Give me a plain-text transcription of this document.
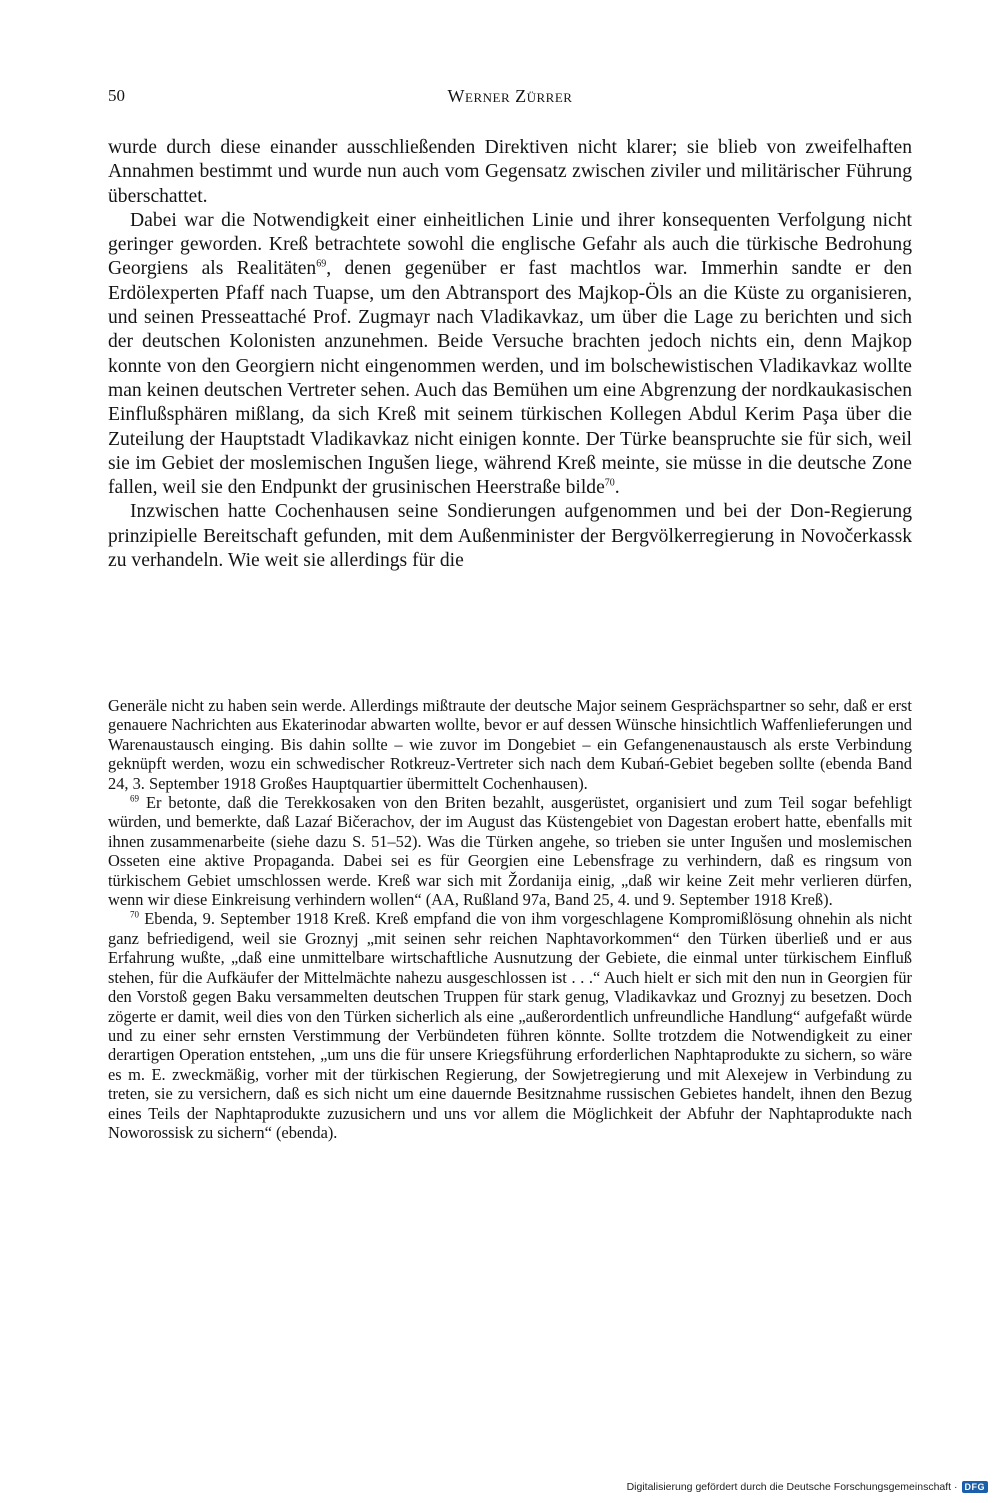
50	Werner Zürrer

wurde durch diese einander ausschließenden Direktiven nicht klarer; sie blieb von zweifelhaften Annahmen bestimmt und wurde nun auch vom Gegensatz zwischen ziviler und militärischer Führung überschattet.

Dabei war die Notwendigkeit einer einheitlichen Linie und ihrer konsequenten Verfolgung nicht geringer geworden. Kreß betrachtete sowohl die englische Gefahr als auch die türkische Bedrohung Georgiens als Realitäten$^{69}$, denen gegenüber er fast machtlos war. Immerhin sandte er den Erdölexperten Pfaff nach Tuapse, um den Abtransport des Majkop-Öls an die Küste zu organisieren, und seinen Presseattaché Prof. Zugmayr nach Vladikavkaz, um über die Lage zu berichten und sich der deutschen Kolonisten anzunehmen. Beide Versuche brachten jedoch nichts ein, denn Majkop konnte von den Georgiern nicht eingenommen werden, und im bolschewistischen Vladikavkaz wollte man keinen deutschen Vertreter sehen. Auch das Bemühen um eine Abgrenzung der nordkaukasischen Einflußsphären mißlang, da sich Kreß mit seinem türkischen Kollegen Abdul Kerim Paşa über die Zuteilung der Hauptstadt Vladikavkaz nicht einigen konnte. Der Türke beanspruchte sie für sich, weil sie im Gebiet der moslemischen Ingušen liege, während Kreß meinte, sie müsse in die deutsche Zone fallen, weil sie den Endpunkt der grusinischen Heerstraße bilde$^{70}$.

Inzwischen hatte Cochenhausen seine Sondierungen aufgenommen und bei der Don-Regierung prinzipielle Bereitschaft gefunden, mit dem Außenminister der Bergvölkerregierung in Novočerkassk zu verhandeln. Wie weit sie allerdings für die

Generäle nicht zu haben sein werde. Allerdings mißtraute der deutsche Major seinem Gesprächspartner so sehr, daß er erst genauere Nachrichten aus Ekaterinodar abwarten wollte, bevor er auf dessen Wünsche hinsichtlich Waffenlieferungen und Warenaustausch einging. Bis dahin sollte – wie zuvor im Dongebiet – ein Gefangenenaustausch als erste Verbindung geknüpft werden, wozu ein schwedischer Rotkreuz-Vertreter sich nach dem Kubań-Gebiet begeben sollte (ebenda Band 24, 3. September 1918 Großes Hauptquartier übermittelt Cochenhausen).

$^{69}$ Er betonte, daß die Terekkosaken von den Briten bezahlt, ausgerüstet, organisiert und zum Teil sogar befehligt würden, und bemerkte, daß Lazaŕ Bičerachov, der im August das Küstengebiet von Dagestan erobert hatte, ebenfalls mit ihnen zusammenarbeite (siehe dazu S. 51–52). Was die Türken angehe, so trieben sie unter Ingušen und moslemischen Osseten eine aktive Propaganda. Dabei sei es für Georgien eine Lebensfrage zu verhindern, daß es ringsum von türkischem Gebiet umschlossen werde. Kreß war sich mit Žordanija einig, „daß wir keine Zeit mehr verlieren dürfen, wenn wir diese Einkreisung verhindern wollen“ (AA, Rußland 97a, Band 25, 4. und 9. September 1918 Kreß).

$^{70}$ Ebenda, 9. September 1918 Kreß. Kreß empfand die von ihm vorgeschlagene Kompromißlösung ohnehin als nicht ganz befriedigend, weil sie Groznyj „mit seinen sehr reichen Naphtavorkommen“ den Türken überließ und er aus Erfahrung wußte, „daß eine unmittelbare wirtschaftliche Ausnutzung der Gebiete, die einmal unter türkischem Einfluß stehen, für die Aufkäufer der Mittelmächte nahezu ausgeschlossen ist . . .“ Auch hielt er sich mit den nun in Georgien für den Vorstoß gegen Baku versammelten deutschen Truppen für stark genug, Vladikavkaz und Groznyj zu besetzen. Doch zögerte er damit, weil dies von den Türken sicherlich als eine „außerordentlich unfreundliche Handlung“ aufgefaßt würde und zu einer sehr ernsten Verstimmung der Verbündeten führen könnte. Sollte trotzdem die Notwendigkeit zu einer derartigen Operation entstehen, „um uns die für unsere Kriegsführung erforderlichen Naphtaprodukte zu sichern, so wäre es m. E. zweckmäßig, vorher mit der türkischen Regierung, der Sowjetregierung und mit Alexejew in Verbindung zu treten, sie zu versichern, daß es sich nicht um eine dauernde Besitznahme russischen Gebietes handelt, ihnen den Bezug eines Teils der Naphtaprodukte zuzusichern und uns vor allem die Möglichkeit der Abfuhr der Naphtaprodukte nach Noworossisk zu sichern“ (ebenda).

Digitalisierung gefördert durch die Deutsche Forschungsgemeinschaft · DFG
